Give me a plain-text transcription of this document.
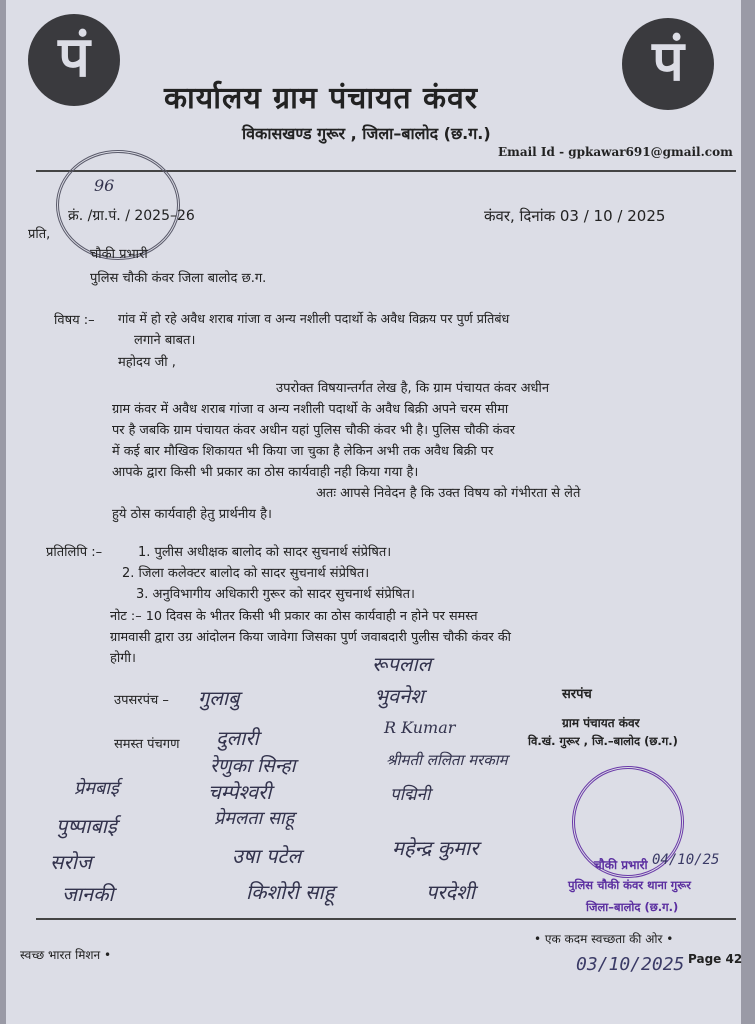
पं	पं
कार्यालय ग्राम पंचायत कंवर
विकासखण्ड गुरूर , जिला–बालोद (छ.ग.)
Email Id - gpkawar691@gmail.com
96
क्रं. /ग्रा.पं. / 2025–26	कंवर, दिनांक 03 / 10 / 2025
प्रति,
चौकी प्रभारी
पुलिस चौकी कंवर जिला बालोद छ.ग.
विषय :– गांव में हो रहे अवैध शराब गांजा व अन्य नशीली पदार्थो के अवैध विक्रय पर पुर्ण प्रतिबंध
लगाने बाबत।
महोदय जी ,
उपरोक्त विषयान्तर्गत लेख है, कि ग्राम पंचायत कंवर अधीन
ग्राम कंवर में अवैध शराब गांजा व अन्य नशीली पदार्थो के अवैध बिक्री अपने चरम सीमा
पर है जबकि ग्राम पंचायत कंवर अधीन यहां पुलिस चौकी कंवर भी है। पुलिस चौकी कंवर
में कई बार मौखिक शिकायत भी किया जा चुका है लेकिन अभी तक अवैध बिक्री पर
आपके द्वारा किसी भी प्रकार का ठोस कार्यवाही नही किया गया है।
अतः आपसे निवेदन है कि उक्त विषय को गंभीरता से लेते
हुये ठोस कार्यवाही हेतु प्रार्थनीय है।
प्रतिलिपि :–	1. पुलीस अधीक्षक बालोद को सादर सुचनार्थ संप्रेषित।
2. जिला कलेक्टर बालोद को सादर सुचनार्थ संप्रेषित।
3. अनुविभागीय अधिकारी गुरूर को सादर सुचनार्थ संप्रेषित।
नोट :– 10 दिवस के भीतर किसी भी प्रकार का ठोस कार्यवाही न होने पर समस्त
ग्रामवासी द्वारा उग्र आंदोलन किया जावेगा जिसका पुर्ण जवाबदारी पुलीस चौकी कंवर की
होगी।
उपसरपंच –
समस्त पंचगण
सरपंच
ग्राम पंचायत कंवर
वि.खं. गुरूर , जि.–बालोद (छ.ग.)
रूपलाल
गुलाबु	भुवनेश
दुलारी	R Kumar
रेणुका सिन्हा	श्रीमती ललिता मरकाम
प्रेमबाई	चम्पेश्वरी
पुष्पाबाई	प्रेमलता साहू
सरोज	उषा पटेल	महेन्द्र कुमार
पद्मिनी
किशोरी साहू	परदेशी
जानकी
चौकी प्रभारी
पुलिस चौकी कंवर थाना गुरूर
जिला–बालोद (छ.ग.)
04/10/25
स्वच्छ भारत मिशन •
• एक कदम स्वच्छता की ओर •
03/10/2025 Page 42
